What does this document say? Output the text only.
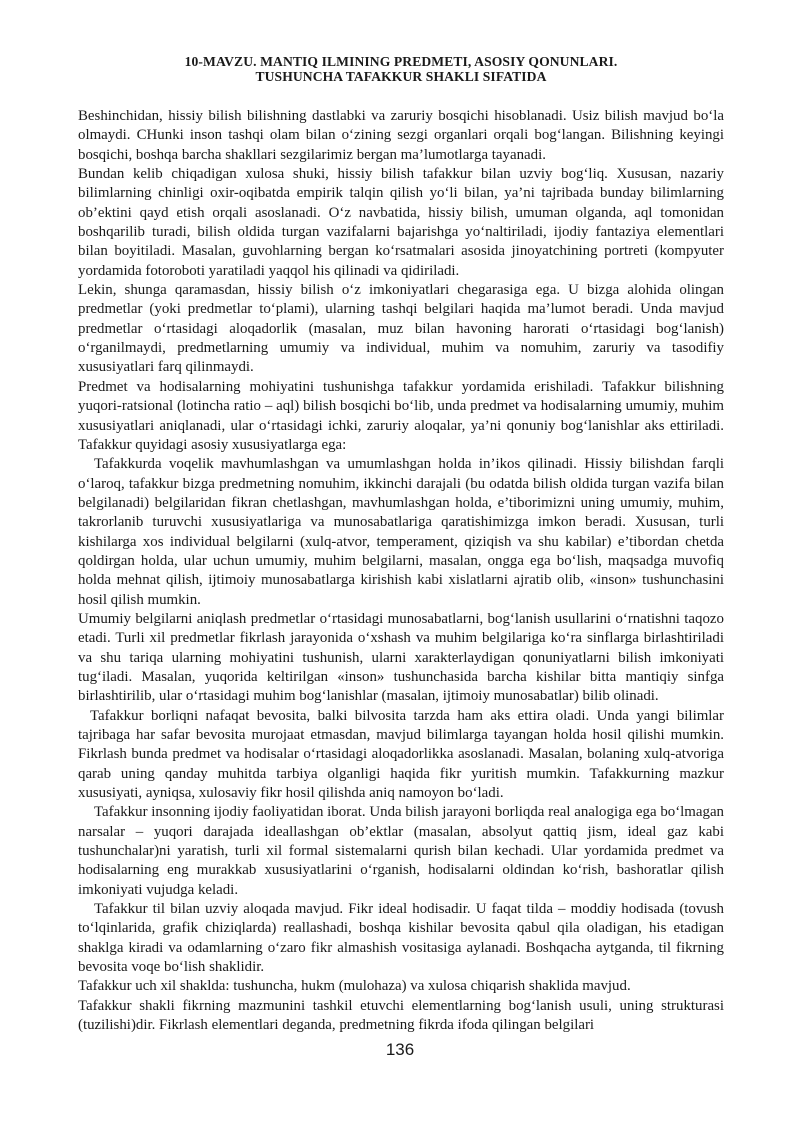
10-MAVZU. MANTIQ ILMINING PREDMETI, ASOSIY QONUNLARI.
TUSHUNCHA TAFAKKUR SHAKLI SIFATIDA

Beshinchidan, hissiy bilish bilishning dastlabki va zaruriy bosqichi hisoblanadi. Usiz bilish mavjud bo‘la olmaydi. CHunki inson tashqi olam bilan o‘zining sezgi organlari orqali bog‘langan. Bilishning keyingi bosqichi, boshqa barcha shakllari sezgilarimiz bergan ma’lumotlarga tayanadi.

Bundan kelib chiqadigan xulosa shuki, hissiy bilish tafakkur bilan uzviy bog‘liq. Xususan, nazariy bilimlarning chinligi oxir-oqibatda empirik talqin qilish yo‘li bilan, ya’ni tajribada bunday bilimlarning ob’ektini qayd etish orqali asoslanadi. O‘z navbatida, hissiy bilish, umuman olganda, aql tomonidan boshqarilib turadi, bilish oldida turgan vazifalarni bajarishga yo‘naltiriladi, ijodiy fantaziya elementlari bilan boyitiladi. Masalan, guvohlarning bergan ko‘rsatmalari asosida jinoyatchining portreti (kompyuter yordamida fotoroboti yaratiladi yaqqol his qilinadi va qidiriladi.

Lekin, shunga qaramasdan, hissiy bilish o‘z imkoniyatlari chegarasiga ega. U bizga alohida olingan predmetlar (yoki predmetlar to‘plami), ularning tashqi belgilari haqida ma’lumot beradi. Unda mavjud predmetlar o‘rtasidagi aloqadorlik (masalan, muz bilan havoning harorati o‘rtasidagi bog‘lanish) o‘rganilmaydi, predmetlarning umumiy va individual, muhim va nomuhim, zaruriy va tasodifiy xususiyatlari farq qilinmaydi.

Predmet va hodisalarning mohiyatini tushunishga tafakkur yordamida erishiladi. Tafakkur bilishning yuqori-ratsional (lotincha ratio – aql) bilish bosqichi bo‘lib, unda predmet va hodisalarning umumiy, muhim xususiyatlari aniqlanadi, ular o‘rtasidagi ichki, zaruriy aloqalar, ya’ni qonuniy bog‘lanishlar aks ettiriladi. Tafakkur quyidagi asosiy xususiyatlarga ega:

Tafakkurda voqelik mavhumlashgan va umumlashgan holda in’ikos qilinadi. Hissiy bilishdan farqli o‘laroq, tafakkur bizga predmetning nomuhim, ikkinchi darajali (bu odatda bilish oldida turgan vazifa bilan belgilanadi) belgilaridan fikran chetlashgan, mavhumlashgan holda, e’tiborimizni uning umumiy, muhim, takrorlanib turuvchi xususiyatlariga va munosabatlariga qaratishimizga imkon beradi. Xususan, turli kishilarga xos individual belgilarni (xulq-atvor, temperament, qiziqish va shu kabilar) e’tibordan chetda qoldirgan holda, ular uchun umumiy, muhim belgilarni, masalan, ongga ega bo‘lish, maqsadga muvofiq holda mehnat qilish, ijtimoiy munosabatlarga kirishish kabi xislatlarni ajratib olib, «inson» tushunchasini hosil qilish mumkin.

Umumiy belgilarni aniqlash predmetlar o‘rtasidagi munosabatlarni, bog‘lanish usullarini o‘rnatishni taqozo etadi. Turli xil predmetlar fikrlash jarayonida o‘xshash va muhim belgilariga ko‘ra sinflarga birlashtiriladi va shu tariqa ularning mohiyatini tushunish, ularni xarakterlaydigan qonuniyatlarni bilish imkoniyati tug‘iladi. Masalan, yuqorida keltirilgan «inson» tushunchasida barcha kishilar bitta mantiqiy sinfga birlashtirilib, ular o‘rtasidagi muhim bog‘lanishlar (masalan, ijtimoiy munosabatlar) bilib olinadi.

Tafakkur borliqni nafaqat bevosita, balki bilvosita tarzda ham aks ettira oladi. Unda yangi bilimlar tajribaga har safar bevosita murojaat etmasdan, mavjud bilimlarga tayangan holda hosil qilishi mumkin. Fikrlash bunda predmet va hodisalar o‘rtasidagi aloqadorlikka asoslanadi. Masalan, bolaning xulq-atvoriga qarab uning qanday muhitda tarbiya olganligi haqida fikr yuritish mumkin. Tafakkurning mazkur xususiyati, ayniqsa, xulosaviy fikr hosil qilishda aniq namoyon bo‘ladi.

Tafakkur insonning ijodiy faoliyatidan iborat. Unda bilish jarayoni borliqda real analogiga ega bo‘lmagan narsalar – yuqori darajada ideallashgan ob’ektlar (masalan, absolyut qattiq jism, ideal gaz kabi tushunchalar)ni yaratish, turli xil formal sistemalarni qurish bilan kechadi. Ular yordamida predmet va hodisalarning eng murakkab xususiyatlarini o‘rganish, hodisalarni oldindan ko‘rish, bashoratlar qilish imkoniyati vujudga keladi.

Tafakkur til bilan uzviy aloqada mavjud. Fikr ideal hodisadir. U faqat tilda – moddiy hodisada (tovush to‘lqinlarida, grafik chiziqlarda) reallashadi, boshqa kishilar bevosita qabul qila oladigan, his etadigan shaklga kiradi va odamlarning o‘zaro fikr almashish vositasiga aylanadi. Boshqacha aytganda, til fikrning bevosita voqe bo‘lish shaklidir.

Tafakkur uch xil shaklda: tushuncha, hukm (mulohaza) va xulosa chiqarish shaklida mavjud.

Tafakkur shakli fikrning mazmunini tashkil etuvchi elementlarning bog‘lanish usuli, uning strukturasi (tuzilishi)dir. Fikrlash elementlari deganda, predmetning fikrda ifoda qilingan belgilari

136
